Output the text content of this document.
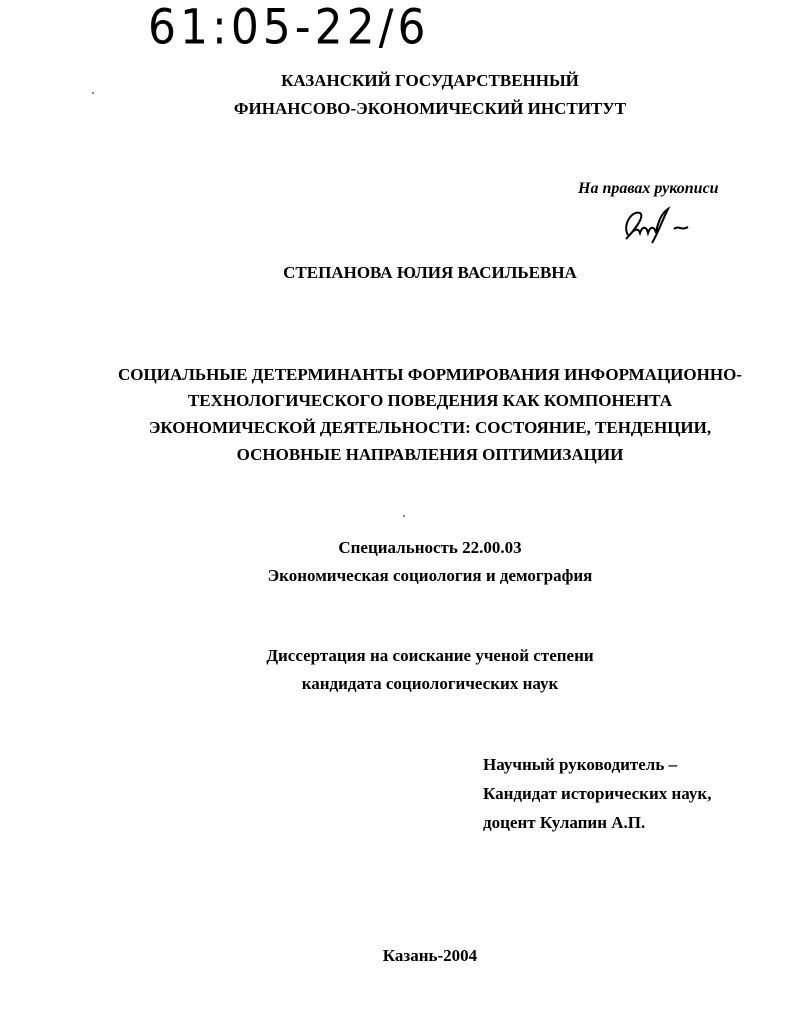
61:05-22/6
КАЗАНСКИЙ ГОСУДАРСТВЕННЫЙ
ФИНАНСОВО-ЭКОНОМИЧЕСКИЙ ИНСТИТУТ
На правах рукописи
СТЕПАНОВА ЮЛИЯ ВАСИЛЬЕВНА
СОЦИАЛЬНЫЕ ДЕТЕРМИНАНТЫ ФОРМИРОВАНИЯ ИНФОРМАЦИОННО-
ТЕХНОЛОГИЧЕСКОГО ПОВЕДЕНИЯ КАК КОМПОНЕНТА
ЭКОНОМИЧЕСКОЙ ДЕЯТЕЛЬНОСТИ: СОСТОЯНИЕ, ТЕНДЕНЦИИ,
ОСНОВНЫЕ НАПРАВЛЕНИЯ ОПТИМИЗАЦИИ
Специальность 22.00.03
Экономическая социология и демография
Диссертация на соискание ученой степени
кандидата социологических наук
Научный руководитель –
Кандидат исторических наук,
доцент Кулапин А.П.
Казань-2004
